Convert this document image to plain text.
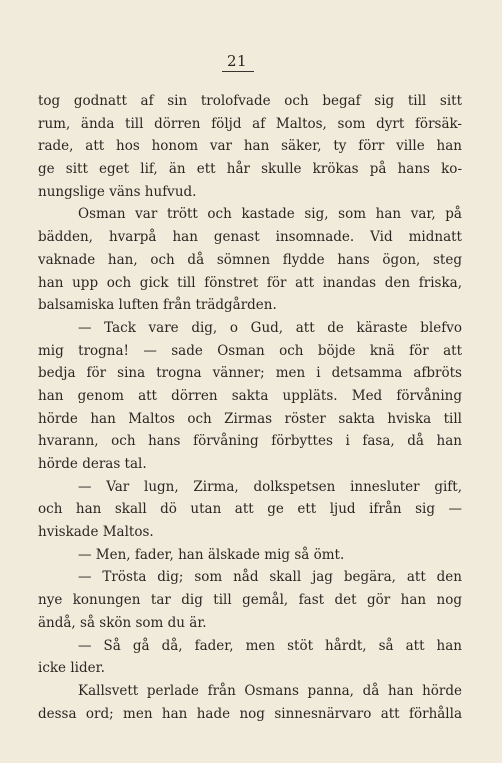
21
tog godnatt af sin trolofvade och begaf sig till sitt
rum, ända till dörren följd af Maltos, som dyrt försäk-
rade, att hos honom var han säker, ty förr ville han
ge sitt eget lif, än ett hår skulle krökas på hans ko-
nungslige väns hufvud.
Osman var trött och kastade sig, som han var, på
bädden, hvarpå han genast insomnade. Vid midnatt
vaknade han, och då sömnen flydde hans ögon, steg
han upp och gick till fönstret för att inandas den friska,
balsamiska luften från trädgården.
— Tack vare dig, o Gud, att de käraste blefvo
mig trogna! — sade Osman och böjde knä för att
bedja för sina trogna vänner; men i detsamma afbröts
han genom att dörren sakta uppläts. Med förvåning
hörde han Maltos och Zirmas röster sakta hviska till
hvarann, och hans förvåning förbyttes i fasa, då han
hörde deras tal.
— Var lugn, Zirma, dolkspetsen innesluter gift,
och han skall dö utan att ge ett ljud ifrån sig —
hviskade Maltos.
— Men, fader, han älskade mig så ömt.
— Trösta dig; som nåd skall jag begära, att den
nye konungen tar dig till gemål, fast det gör han nog
ändå, så skön som du är.
— Så gå då, fader, men stöt hårdt, så att han
icke lider.
Kallsvett perlade från Osmans panna, då han hörde
dessa ord; men han hade nog sinnesnärvaro att förhålla
